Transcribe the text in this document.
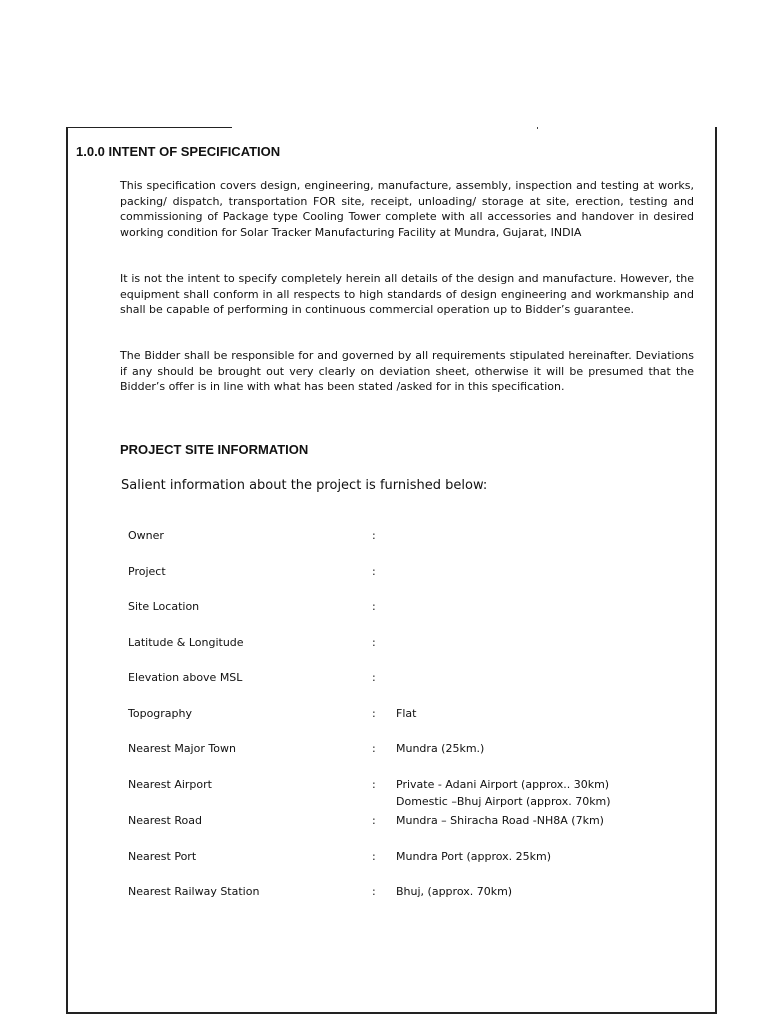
1.0.0 INTENT OF SPECIFICATION

This specification covers design, engineering, manufacture, assembly, inspection and testing at works, packing/ dispatch, transportation FOR site, receipt, unloading/ storage at site, erection, testing and commissioning of Package type Cooling Tower complete with all accessories and handover in desired working condition for Solar Tracker Manufacturing Facility at Mundra, Gujarat, INDIA

It is not the intent to specify completely herein all details of the design and manufacture. However, the equipment shall conform in all respects to high standards of design engineering and workmanship and shall be capable of performing in continuous commercial operation up to Bidder’s guarantee.

The Bidder shall be responsible for and governed by all requirements stipulated hereinafter. Deviations if any should be brought out very clearly on deviation sheet, otherwise it will be presumed that the Bidder’s offer is in line with what has been stated /asked for in this specification.

PROJECT SITE INFORMATION
Salient information about the project is furnished below:
Owner	:
Project	:
Site Location	:
Latitude & Longitude	:
Elevation above MSL	:
Topography	: Flat
Nearest Major Town	: Mundra (25km.)
Nearest Airport	: Private - Adani Airport (approx.. 30km)
Domestic –Bhuj Airport (approx. 70km)
Nearest Road	: Mundra – Shiracha Road -NH8A (7km)
Nearest Port	: Mundra Port (approx. 25km)
Nearest Railway Station	: Bhuj, (approx. 70km)
